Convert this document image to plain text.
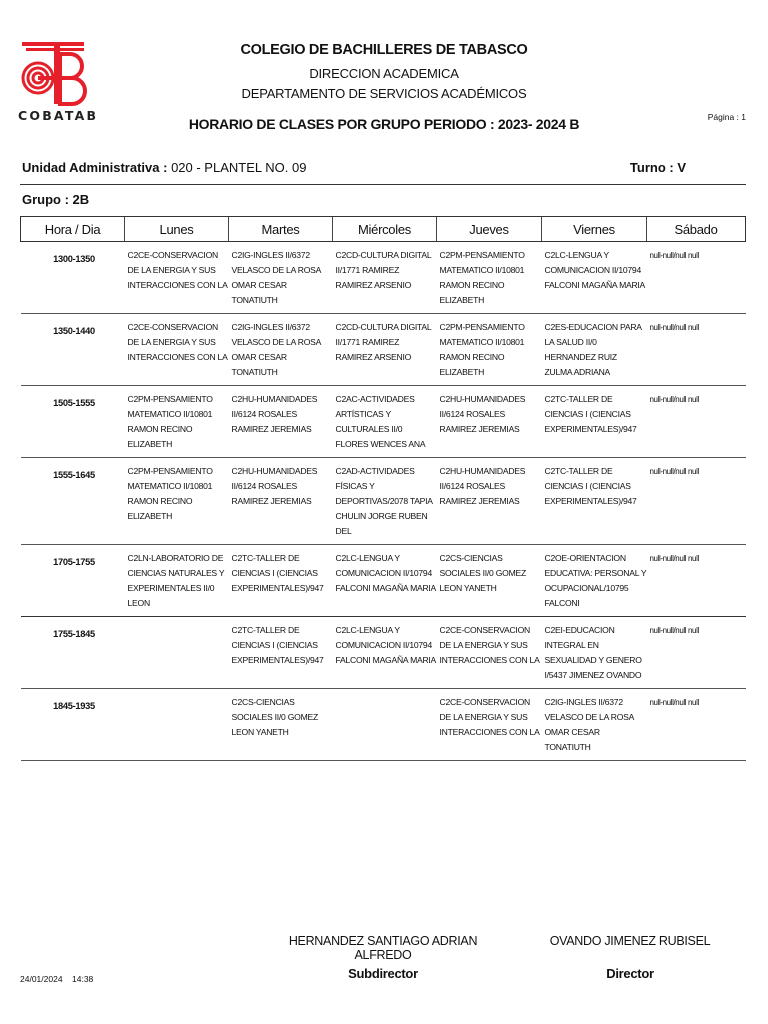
COBATAB
COLEGIO DE BACHILLERES DE TABASCO
DIRECCION ACADEMICA
DEPARTAMENTO DE SERVICIOS ACADÉMICOS
HORARIO DE CLASES POR GRUPO PERIODO : 2023- 2024 B	Página : 1
Unidad Administrativa : 020 - PLANTEL NO. 09	Turno : V
Grupo : 2B
Hora / Dia	Lunes	Martes	Miércoles	Jueves	Viernes	Sábado
1300-1350	C2CE-CONSERVACION DE LA ENERGIA Y SUS INTERACCIONES CON LA	C2IG-INGLES II/6372 VELASCO DE LA ROSA OMAR CESAR TONATIUTH	C2CD-CULTURA DIGITAL II/1771 RAMIREZ RAMIREZ ARSENIO	C2PM-PENSAMIENTO MATEMATICO II/10801 RAMON RECINO ELIZABETH	C2LC-LENGUA Y COMUNICACION II/10794 FALCONI MAGAÑA MARIA	null-null/null null
1350-1440	C2CE-CONSERVACION DE LA ENERGIA Y SUS INTERACCIONES CON LA	C2IG-INGLES II/6372 VELASCO DE LA ROSA OMAR CESAR TONATIUTH	C2CD-CULTURA DIGITAL II/1771 RAMIREZ RAMIREZ ARSENIO	C2PM-PENSAMIENTO MATEMATICO II/10801 RAMON RECINO ELIZABETH	C2ES-EDUCACION PARA LA SALUD II/0 HERNANDEZ RUIZ ZULMA ADRIANA	null-null/null null
1505-1555	C2PM-PENSAMIENTO MATEMATICO II/10801 RAMON RECINO ELIZABETH	C2HU-HUMANIDADES II/6124 ROSALES RAMIREZ JEREMIAS	C2AC-ACTIVIDADES ARTÍSTICAS Y CULTURALES II/0 FLORES WENCES ANA	C2HU-HUMANIDADES II/6124 ROSALES RAMIREZ JEREMIAS	C2TC-TALLER DE CIENCIAS I (CIENCIAS EXPERIMENTALES)/947	null-null/null null
1555-1645	C2PM-PENSAMIENTO MATEMATICO II/10801 RAMON RECINO ELIZABETH	C2HU-HUMANIDADES II/6124 ROSALES RAMIREZ JEREMIAS	C2AD-ACTIVIDADES FÍSICAS Y DEPORTIVAS/2078 TAPIA CHULIN JORGE RUBEN DEL	C2HU-HUMANIDADES II/6124 ROSALES RAMIREZ JEREMIAS	C2TC-TALLER DE CIENCIAS I (CIENCIAS EXPERIMENTALES)/947	null-null/null null
1705-1755	C2LN-LABORATORIO DE CIENCIAS NATURALES Y EXPERIMENTALES II/0 LEON	C2TC-TALLER DE CIENCIAS I (CIENCIAS EXPERIMENTALES)/947	C2LC-LENGUA Y COMUNICACION II/10794 FALCONI MAGAÑA MARIA	C2CS-CIENCIAS SOCIALES II/0 GOMEZ LEON YANETH	C2OE-ORIENTACION EDUCATIVA: PERSONAL Y OCUPACIONAL/10795 FALCONI	null-null/null null
1755-1845		C2TC-TALLER DE CIENCIAS I (CIENCIAS EXPERIMENTALES)/947	C2LC-LENGUA Y COMUNICACION II/10794 FALCONI MAGAÑA MARIA	C2CE-CONSERVACION DE LA ENERGIA Y SUS INTERACCIONES CON LA	C2EI-EDUCACION INTEGRAL EN SEXUALIDAD Y GENERO I/5437 JIMENEZ OVANDO	null-null/null null
1845-1935		C2CS-CIENCIAS SOCIALES II/0 GOMEZ LEON YANETH		C2CE-CONSERVACION DE LA ENERGIA Y SUS INTERACCIONES CON LA	C2IG-INGLES II/6372 VELASCO DE LA ROSA OMAR CESAR TONATIUTH	null-null/null null
HERNANDEZ SANTIAGO ADRIAN ALFREDO
OVANDO JIMENEZ RUBISEL
Subdirector	Director
24/01/2024 14:38
